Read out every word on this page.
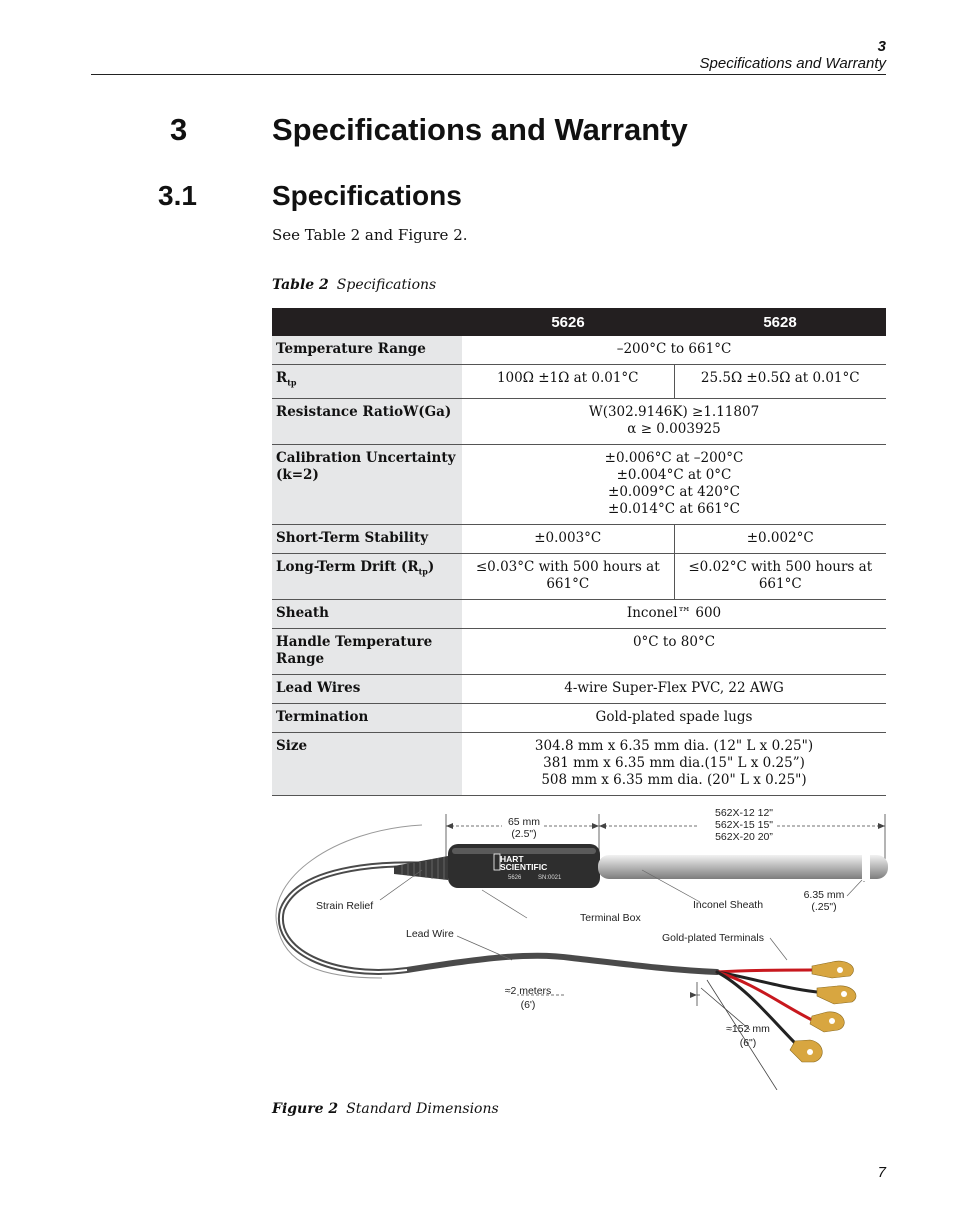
3
Specifications and Warranty
3	Specifications and Warranty
3.1	Specifications
See Table 2 and Figure 2.
Table 2 Specifications
	5626	5628
Temperature Range	–200°C to 661°C	

$R_{tp}$	100Ω ±1Ω at 0.01°C	25.5Ω ±0.5Ω at 0.01°C

Resistance RatioW(Ga)	W(302.9146K) ≥1.11807
α ≥ 0.003925	

Calibration Uncertainty (k=2)	±0.006°C at –200°C
±0.004°C at 0°C
±0.009°C at 420°C
±0.014°C at 661°C	

Short-Term Stability	±0.003°C	±0.002°C

Long-Term Drift $(R_{tp})$	≤0.03°C with 500 hours at 661°C	≤0.02°C with 500 hours at 661°C

Sheath	Inconel™ 600	

Handle Temperature Range	0°C to 80°C	

Lead Wires	4-wire Super-Flex PVC, 22 AWG	

Termination	Gold-plated spade lugs	

Size	304.8 mm x 6.35 mm dia. (12" L x 0.25")
381 mm x 6.35 mm dia.(15" L x 0.25”)
508 mm x 6.35 mm dia. (20" L x 0.25")	
HART
SCIENTIFIC
5626	SN:0021
65 mm
(2.5")
562X-12 12"
562X-15 15"
562X-20 20”
6.35 mm
(.25")
≈2 meters
(6')
≈152 mm
(6")
Strain Relief
Terminal Box
Inconel Sheath
Lead Wire	Gold-plated Terminals
Figure 2 Standard Dimensions
7
